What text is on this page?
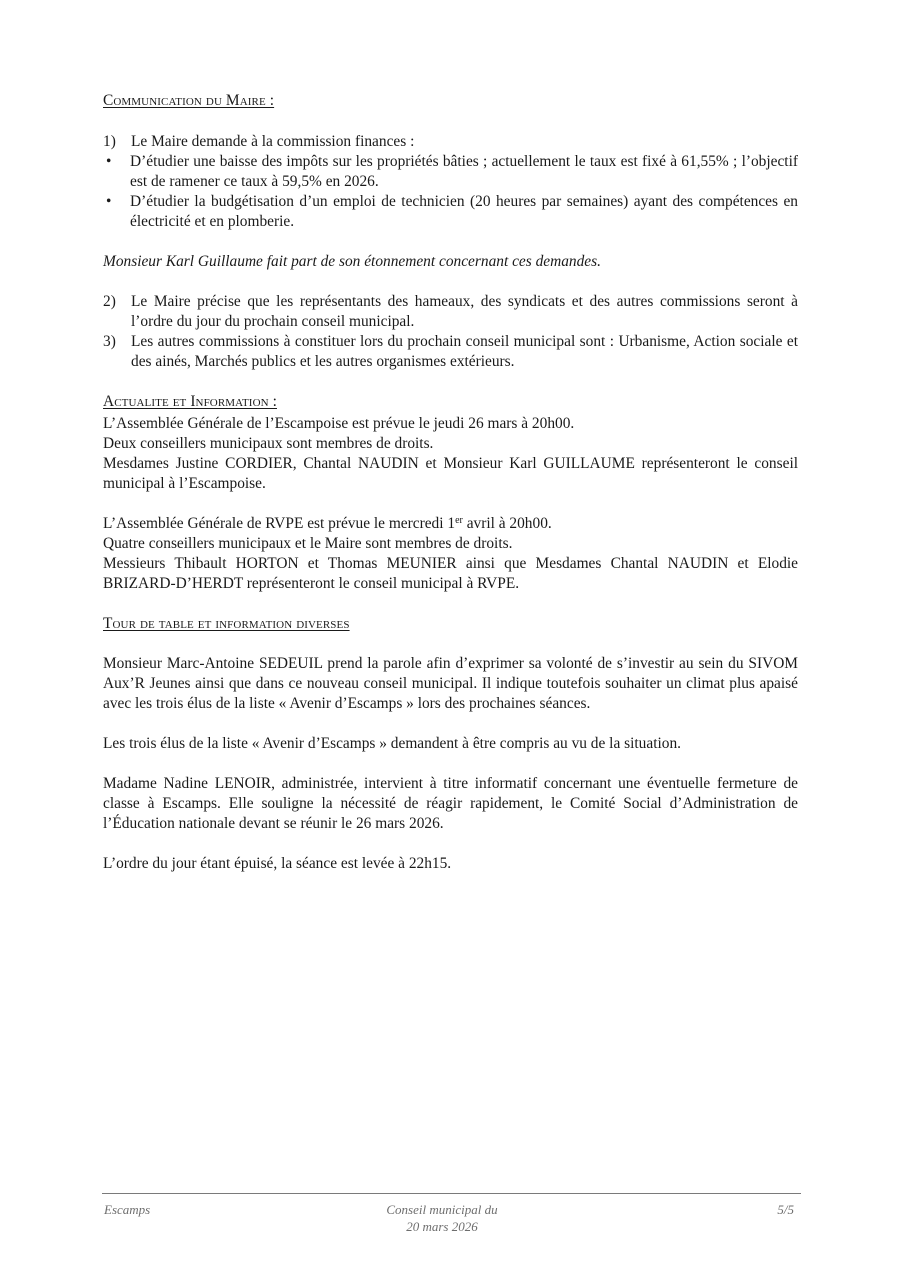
Communication du Maire :

1) Le Maire demande à la commission finances :
• D’étudier une baisse des impôts sur les propriétés bâties ; actuellement le taux est fixé à 61,55% ; l’objectif est de ramener ce taux à 59,5% en 2026.
• D’étudier la budgétisation d’un emploi de technicien (20 heures par semaines) ayant des compétences en électricité et en plomberie.

Monsieur Karl Guillaume fait part de son étonnement concernant ces demandes.

2) Le Maire précise que les représentants des hameaux, des syndicats et des autres commissions seront à l’ordre du jour du prochain conseil municipal.
3) Les autres commissions à constituer lors du prochain conseil municipal sont : Urbanisme, Action sociale et des ainés, Marchés publics et les autres organismes extérieurs.

Actualite et Information :

L’Assemblée Générale de l’Escampoise est prévue le jeudi 26 mars à 20h00.

Deux conseillers municipaux sont membres de droits.

Mesdames Justine CORDIER, Chantal NAUDIN et Monsieur Karl GUILLAUME représenteront le conseil municipal à l’Escampoise.

L’Assemblée Générale de RVPE est prévue le mercredi 1er avril à 20h00.

Quatre conseillers municipaux et le Maire sont membres de droits.

Messieurs Thibault HORTON et Thomas MEUNIER ainsi que Mesdames Chantal NAUDIN et Elodie BRIZARD-D’HERDT représenteront le conseil municipal à RVPE.

Tour de table et information diverses

Monsieur Marc-Antoine SEDEUIL prend la parole afin d’exprimer sa volonté de s’investir au sein du SIVOM Aux’R Jeunes ainsi que dans ce nouveau conseil municipal. Il indique toutefois souhaiter un climat plus apaisé avec les trois élus de la liste « Avenir d’Escamps » lors des prochaines séances.

Les trois élus de la liste « Avenir d’Escamps » demandent à être compris au vu de la situation.

Madame Nadine LENOIR, administrée, intervient à titre informatif concernant une éventuelle fermeture de classe à Escamps. Elle souligne la nécessité de réagir rapidement, le Comité Social d’Administration de l’Éducation nationale devant se réunir le 26 mars 2026.

L’ordre du jour étant épuisé, la séance est levée à 22h15.

Escamps	Conseil municipal du
20 mars 2026
5/5
